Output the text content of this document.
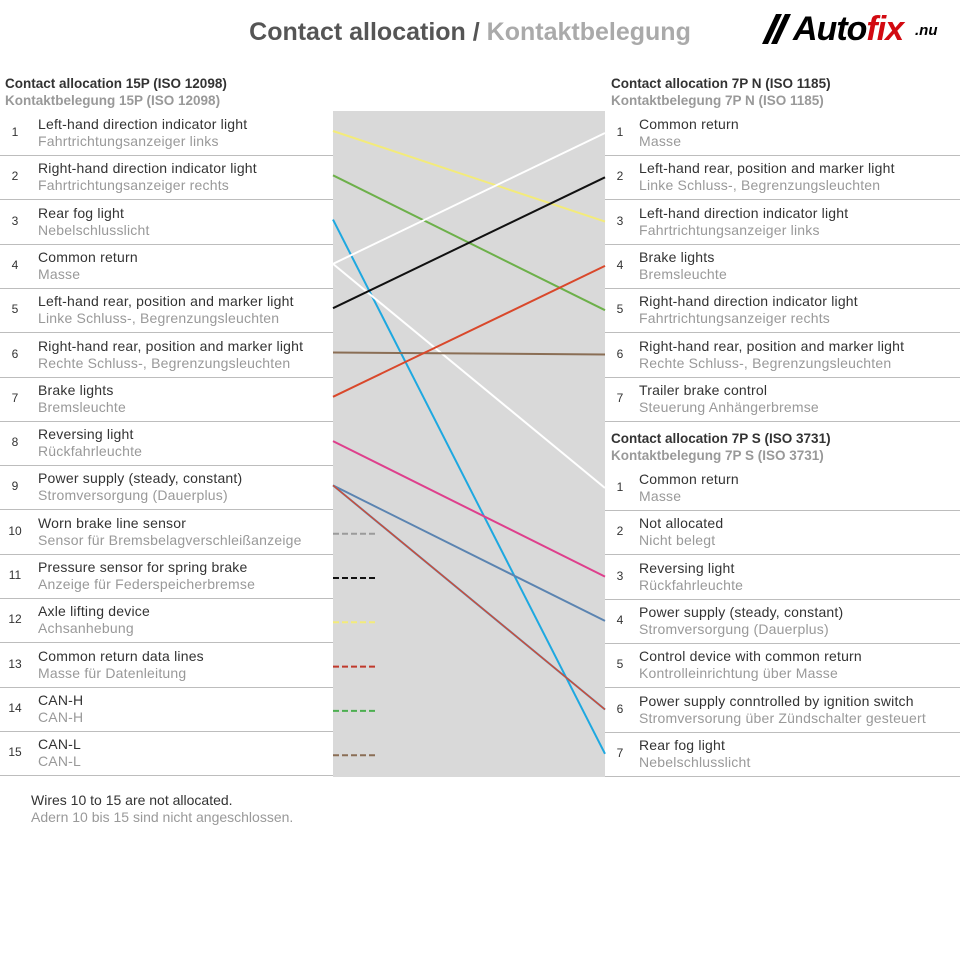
Contact allocation / Kontaktbelegung	Autofix .nu
Contact allocation 15P (ISO 12098)
Kontaktbelegung 15P (ISO 12098)
Contact allocation 7P N (ISO 1185)
Kontaktbelegung 7P N (ISO 1185)
Contact allocation 7P S (ISO 3731)
Kontaktbelegung 7P S (ISO 3731)
1	Left-hand direction indicator light
Fahrtrichtungsanzeiger links
2	Right-hand direction indicator light
Fahrtrichtungsanzeiger rechts
3	Rear fog light
Nebelschlusslicht
4	Common return
Masse
5	Left-hand rear, position and marker light
Linke Schluss-, Begrenzungsleuchten
6	Right-hand rear, position and marker light
Rechte Schluss-, Begrenzungsleuchten
7	Brake lights
Bremsleuchte
8	Reversing light
Rückfahrleuchte
9	Power supply (steady, constant)
Stromversorgung (Dauerplus)
10	Worn brake line sensor
Sensor für Bremsbelagverschleißanzeige
11	Pressure sensor for spring brake
Anzeige für Federspeicherbremse
12	Axle lifting device
Achsanhebung
13	Common return data lines
Masse für Datenleitung
14	CAN-H
CAN-H
15	CAN-L
CAN-L
1	Common return
Masse
2	Left-hand rear, position and marker light
Linke Schluss-, Begrenzungsleuchten
3	Left-hand direction indicator light
Fahrtrichtungsanzeiger links
4	Brake lights
Bremsleuchte
5	Right-hand direction indicator light
Fahrtrichtungsanzeiger rechts
6	Right-hand rear, position and marker light
Rechte Schluss-, Begrenzungsleuchten
7	Trailer brake control
Steuerung Anhängerbremse
1	Common return
Masse
2	Not allocated
Nicht belegt
3	Reversing light
Rückfahrleuchte
4	Power supply (steady, constant)
Stromversorgung (Dauerplus)
5	Control device with common return
Kontrolleinrichtung über Masse
6	Power supply conntrolled by ignition switch
Stromversorung über Zündschalter gesteuert
7	Rear fog light
Nebelschlusslicht
Wires 10 to 15 are not allocated.
Adern 10 bis 15 sind nicht angeschlossen.
